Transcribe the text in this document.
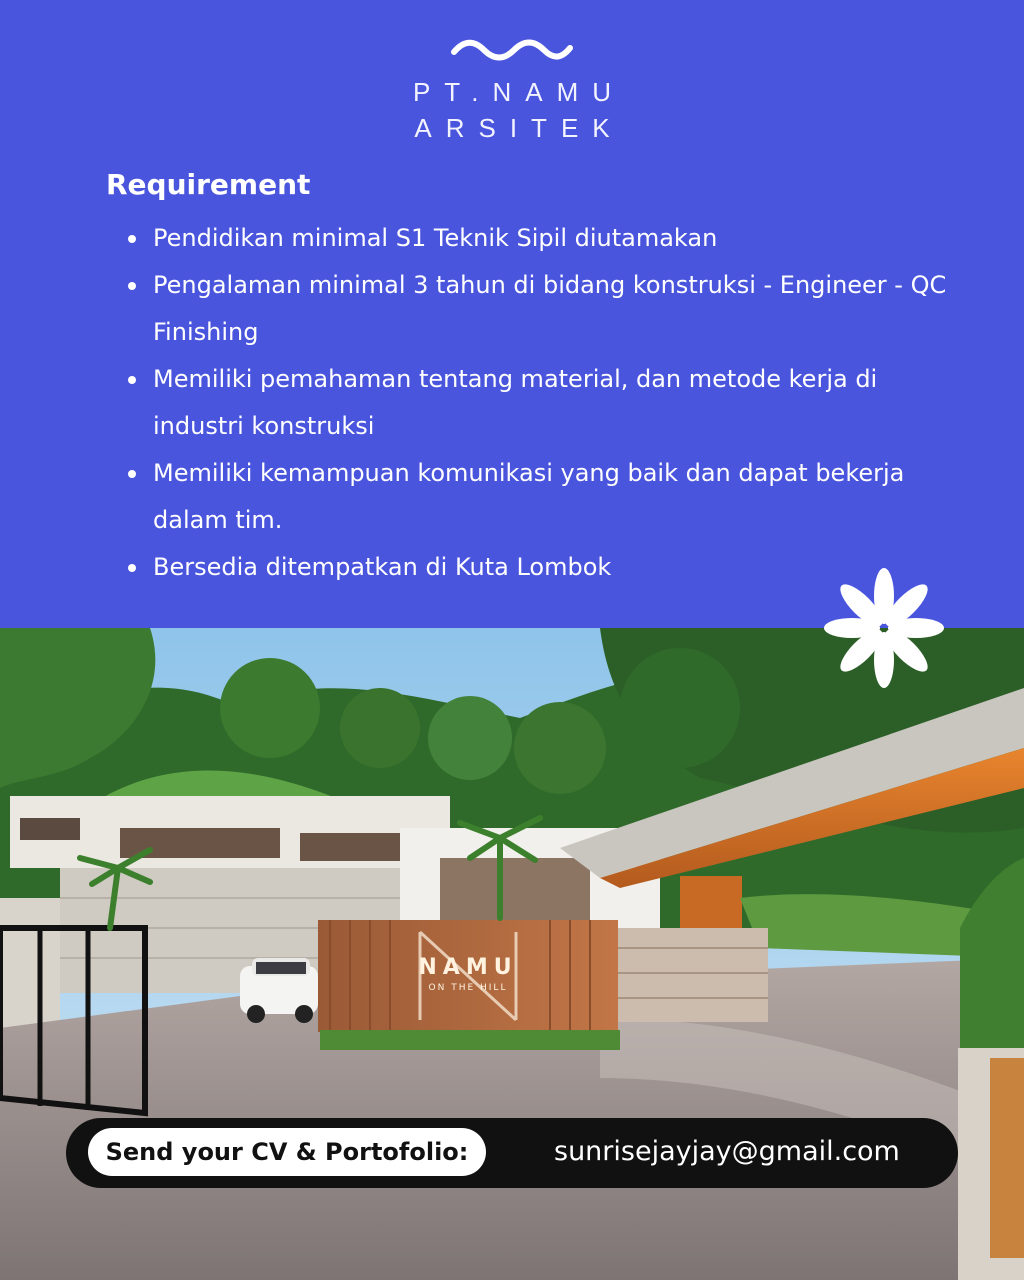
PT.NAMU
ARSITEK
Requirement
Pendidikan minimal S1 Teknik Sipil diutamakan
Pengalaman minimal 3 tahun di bidang konstruksi - Engineer - QC Finishing
Memiliki pemahaman tentang material, dan metode kerja di industri konstruksi
Memiliki kemampuan komunikasi yang baik dan dapat bekerja dalam tim.
Bersedia ditempatkan di Kuta Lombok
NAMU
ON THE HILL
Send your CV & Portofolio:	sunrisejayjay@gmail.com
